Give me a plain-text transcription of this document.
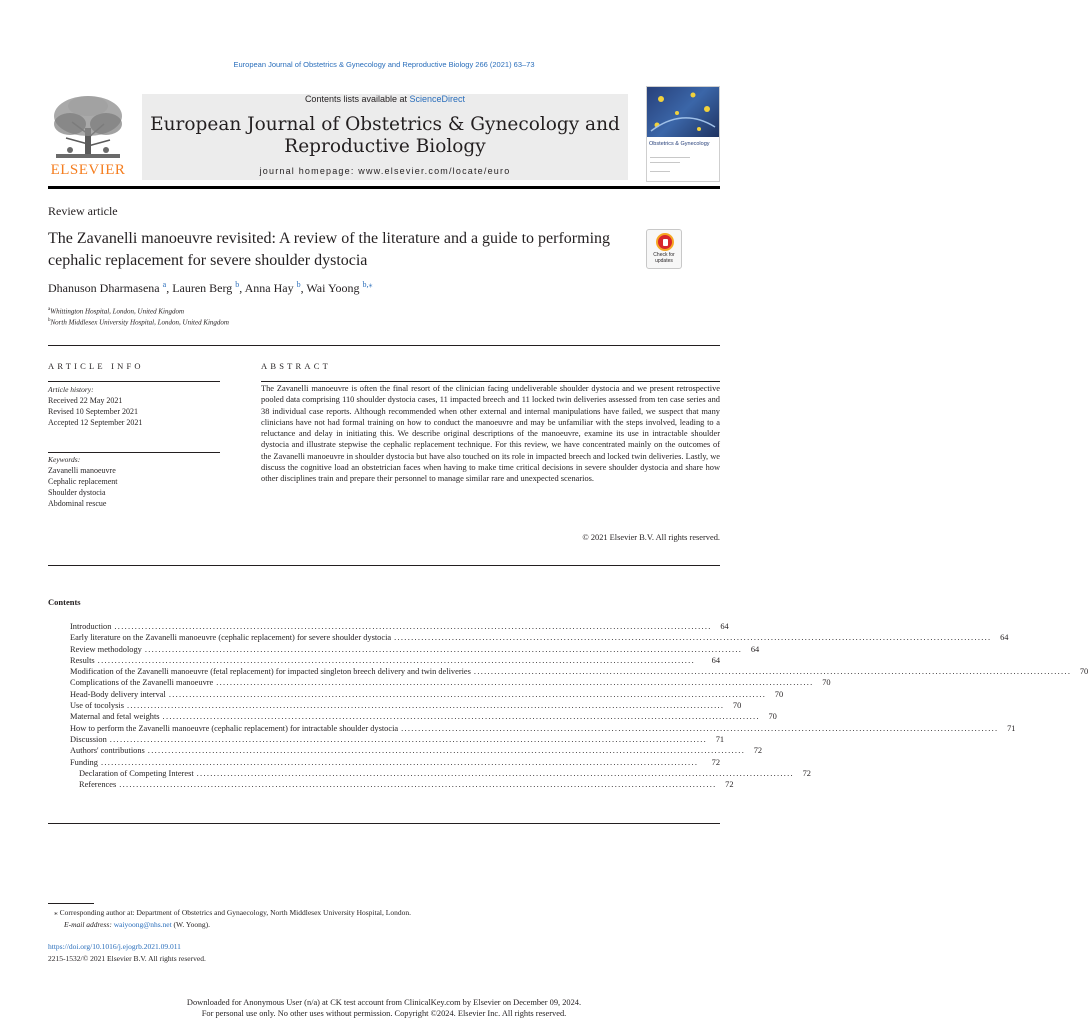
European Journal of Obstetrics & Gynecology and Reproductive Biology 266 (2021) 63–73
ELSEVIER
Contents lists available at ScienceDirect
European Journal of Obstetrics & Gynecology and Reproductive Biology
journal homepage: www.elsevier.com/locate/euro
Obstetrics & Gynecology
Review article
The Zavanelli manoeuvre revisited: A review of the literature and a guide to performing cephalic replacement for severe shoulder dystocia	Check for updates
Dhanuson Dharmasena $^a$, Lauren Berg $^b$, Anna Hay $^b$, Wai Yoong $^{b,⁎}$
$^a$Whittington Hospital, London, United Kingdom
$^b$North Middlesex University Hospital, London, United Kingdom
ARTICLE INFO
Article history:
Received 22 May 2021
Revised 10 September 2021
Accepted 12 September 2021
Keywords:
Zavanelli manoeuvre
Cephalic replacement
Shoulder dystocia
Abdominal rescue
ABSTRACT
The Zavanelli manoeuvre is often the final resort of the clinician facing undeliverable shoulder dystocia and we present retrospective pooled data comprising 110 shoulder dystocia cases, 11 impacted breech and 11 locked twin deliveries assessed from ten case series and 38 individual case reports. Although recommended when other external and internal manipulations have failed, we suspect that many clinicians have not had formal training on how to conduct the manoeuvre and may be unfamiliar with the steps involved, leading to a reluctance and delay in initiating this. We describe original descriptions of the manoeuvre, examine its use in intractable shoulder dystocia and illustrate stepwise the cephalic replacement technique. For this review, we have concentrated mainly on the outcomes of the Zavanelli manoeuvre in shoulder dystocia but have also touched on its role in impacted breech and locked twin deliveries. Lastly, we discuss the cognitive load an obstetrician faces when having to make time critical decisions in severe shoulder dystocia and share how other disciplines train and prepare their personnel to manage similar rare and unexpected scenarios.
© 2021 Elsevier B.V. All rights reserved.
Contents
Introduction ................................................................................................................................................................................	64
Early literature on the Zavanelli manoeuvre (cephalic replacement) for severe shoulder dystocia ................................................................................................................................................................................	64
Review methodology ................................................................................................................................................................................	64
Results ................................................................................................................................................................................	64
Modification of the Zavanelli manoeuvre (fetal replacement) for impacted singleton breech delivery and twin deliveries ................................................................................................................................................................................	70
Complications of the Zavanelli manoeuvre ................................................................................................................................................................................	70
Head-Body delivery interval ................................................................................................................................................................................	70
Use of tocolysis ................................................................................................................................................................................	70
Maternal and fetal weights ................................................................................................................................................................................	70
How to perform the Zavanelli manoeuvre (cephalic replacement) for intractable shoulder dystocia ................................................................................................................................................................................	71
Discussion ................................................................................................................................................................................	71
Authors' contributions ................................................................................................................................................................................	72
Funding ................................................................................................................................................................................	72
Declaration of Competing Interest ................................................................................................................................................................................	72
References ................................................................................................................................................................................	72
⁎ Corresponding author at: Department of Obstetrics and Gynaecology, North Middlesex University Hospital, London.
E-mail address: waiyoong@nhs.net (W. Yoong).
https://doi.org/10.1016/j.ejogrb.2021.09.011
2215-1532/© 2021 Elsevier B.V. All rights reserved.
Downloaded for Anonymous User (n/a) at CK test account from ClinicalKey.com by Elsevier on December 09, 2024.
For personal use only. No other uses without permission. Copyright ©2024. Elsevier Inc. All rights reserved.
